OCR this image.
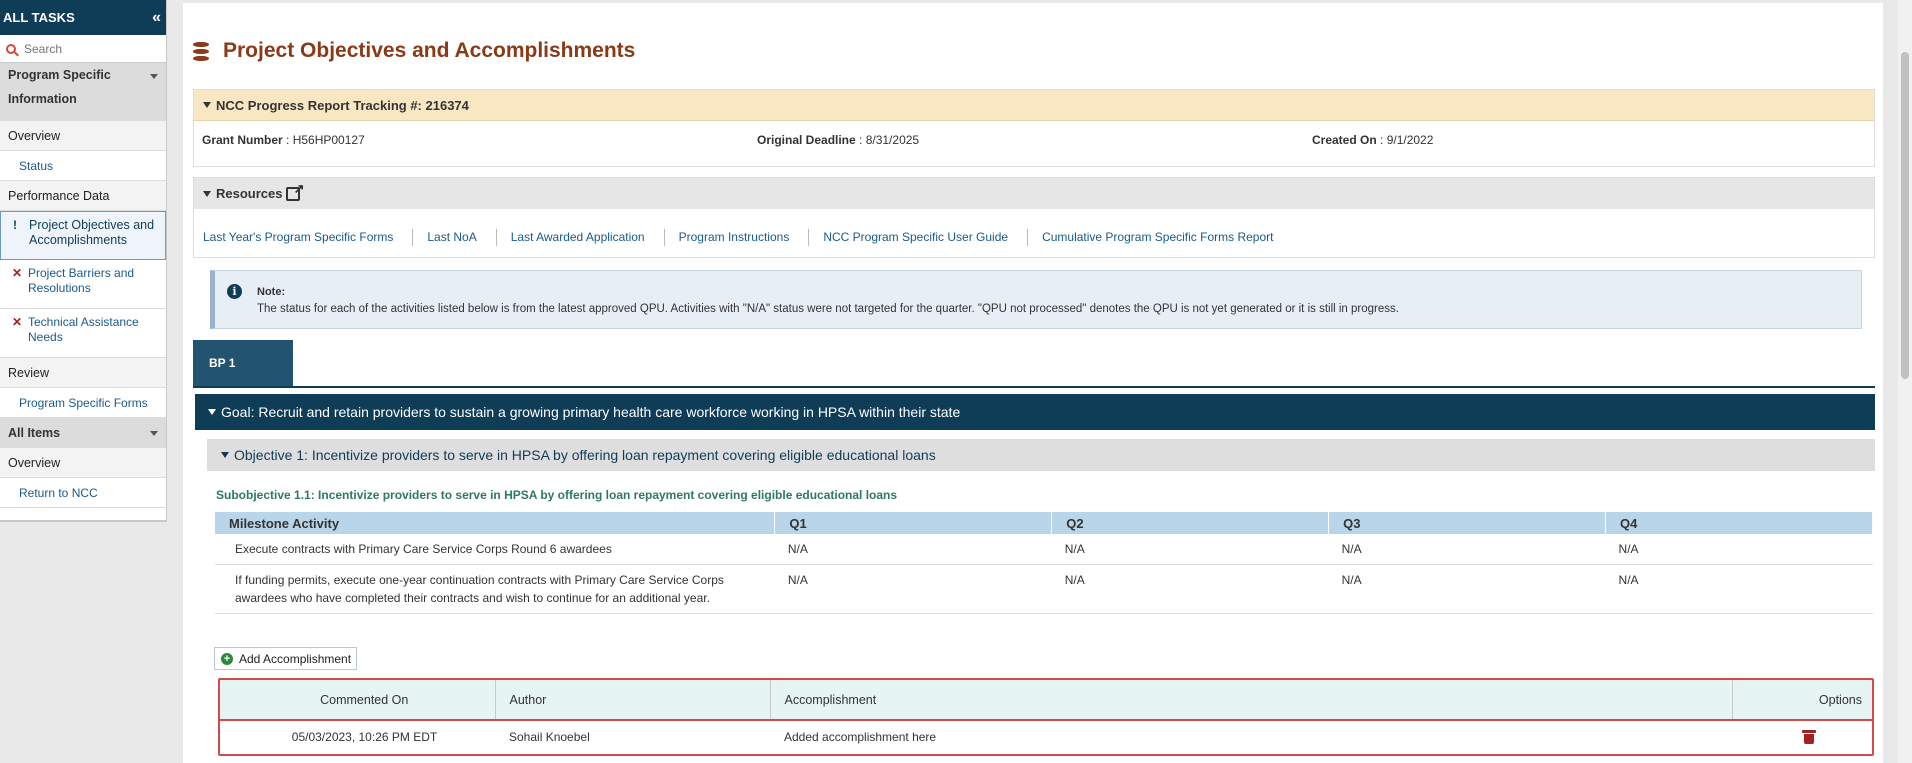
ALL TASKS	«
Search
Program Specific
Information
Overview
Status
Performance Data
! Project Objectives and Accomplishments
✕ Project Barriers and Resolutions
✕ Technical Assistance Needs
Review
Program Specific Forms
All Items
Overview
Return to NCC
Project Objectives and Accomplishments
NCC Progress Report Tracking #: 216374
Grant Number : H56HP00127	Original Deadline : 8/31/2025	Created On : 9/1/2022
Resources
↗
Last Year's Program Specific Forms	Last NoA	Last Awarded Application	Program Instructions	NCC Program Specific User Guide	Cumulative Program Specific Forms Report
i	Note:
The status for each of the activities listed below is from the latest approved QPU. Activities with "N/A" status were not targeted for the quarter. "QPU not processed" denotes the QPU is not yet generated or it is still in progress.
BP 1
Goal: Recruit and retain providers to sustain a growing primary health care workforce working in HPSA within their state
Objective 1: Incentivize providers to serve in HPSA by offering loan repayment covering eligible educational loans
Subobjective 1.1: Incentivize providers to serve in HPSA by offering loan repayment covering eligible educational loans
Milestone Activity	Q1	Q2	Q3	Q4
Execute contracts with Primary Care Service Corps Round 6 awardees	N/A	N/A	N/A	N/A
If funding permits, execute one-year continuation contracts with Primary Care Service Corps awardees who have completed their contracts and wish to continue for an additional year.	N/A	N/A	N/A	N/A
+ Add Accomplishment
Commented On	Author	Accomplishment	Options
05/03/2023, 10:26 PM EDT	Sohail Knoebel	Added accomplishment here	
